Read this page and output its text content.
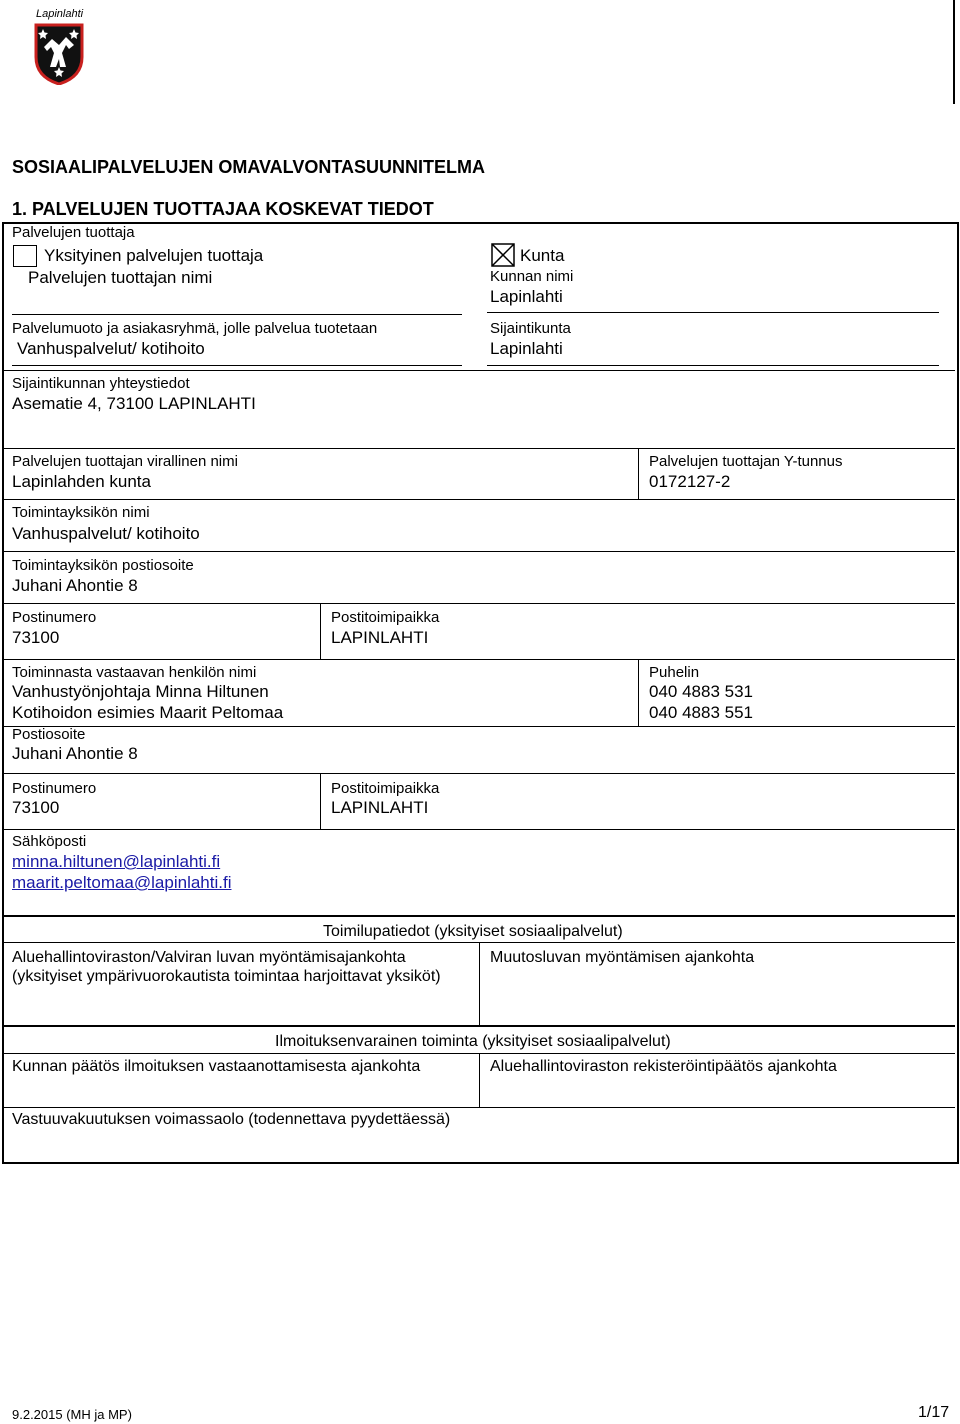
Lapinlahti
SOSIAALIPALVELUJEN OMAVALVONTASUUNNITELMA
1. PALVELUJEN TUOTTAJAA KOSKEVAT TIEDOT
Palvelujen tuottaja
Yksityinen palvelujen tuottaja
Palvelujen tuottajan nimi
Kunta
Kunnan nimi
Lapinlahti
Palvelumuoto ja asiakasryhmä, jolle palvelua tuotetaan
Vanhuspalvelut/ kotihoito
Sijaintikunta
Lapinlahti
Sijaintikunnan yhteystiedot
Asematie 4, 73100 LAPINLAHTI
Palvelujen tuottajan virallinen nimi
Lapinlahden kunta
Palvelujen tuottajan Y-tunnus
0172127-2
Toimintayksikön nimi
Vanhuspalvelut/ kotihoito
Toimintayksikön postiosoite
Juhani Ahontie 8
Postinumero
73100
Postitoimipaikka
LAPINLAHTI
Toiminnasta vastaavan henkilön nimi
Vanhustyönjohtaja Minna Hiltunen
Kotihoidon esimies Maarit Peltomaa
Puhelin
040 4883 531
040 4883 551
Postiosoite
Juhani Ahontie 8
Postinumero
73100
Postitoimipaikka
LAPINLAHTI
Sähköposti
minna.hiltunen@lapinlahti.fi
maarit.peltomaa@lapinlahti.fi
Toimilupatiedot (yksityiset sosiaalipalvelut)
Aluehallintoviraston/Valviran luvan myöntämisajankohta
(yksityiset ympärivuorokautista toimintaa harjoittavat yksiköt)
Muutosluvan myöntämisen ajankohta
Ilmoituksenvarainen toiminta (yksityiset sosiaalipalvelut)
Kunnan päätös ilmoituksen vastaanottamisesta ajankohta	Aluehallintoviraston rekisteröintipäätös ajankohta
Vastuuvakuutuksen voimassaolo (todennettava pyydettäessä)
9.2.2015 (MH ja MP)	1/17
